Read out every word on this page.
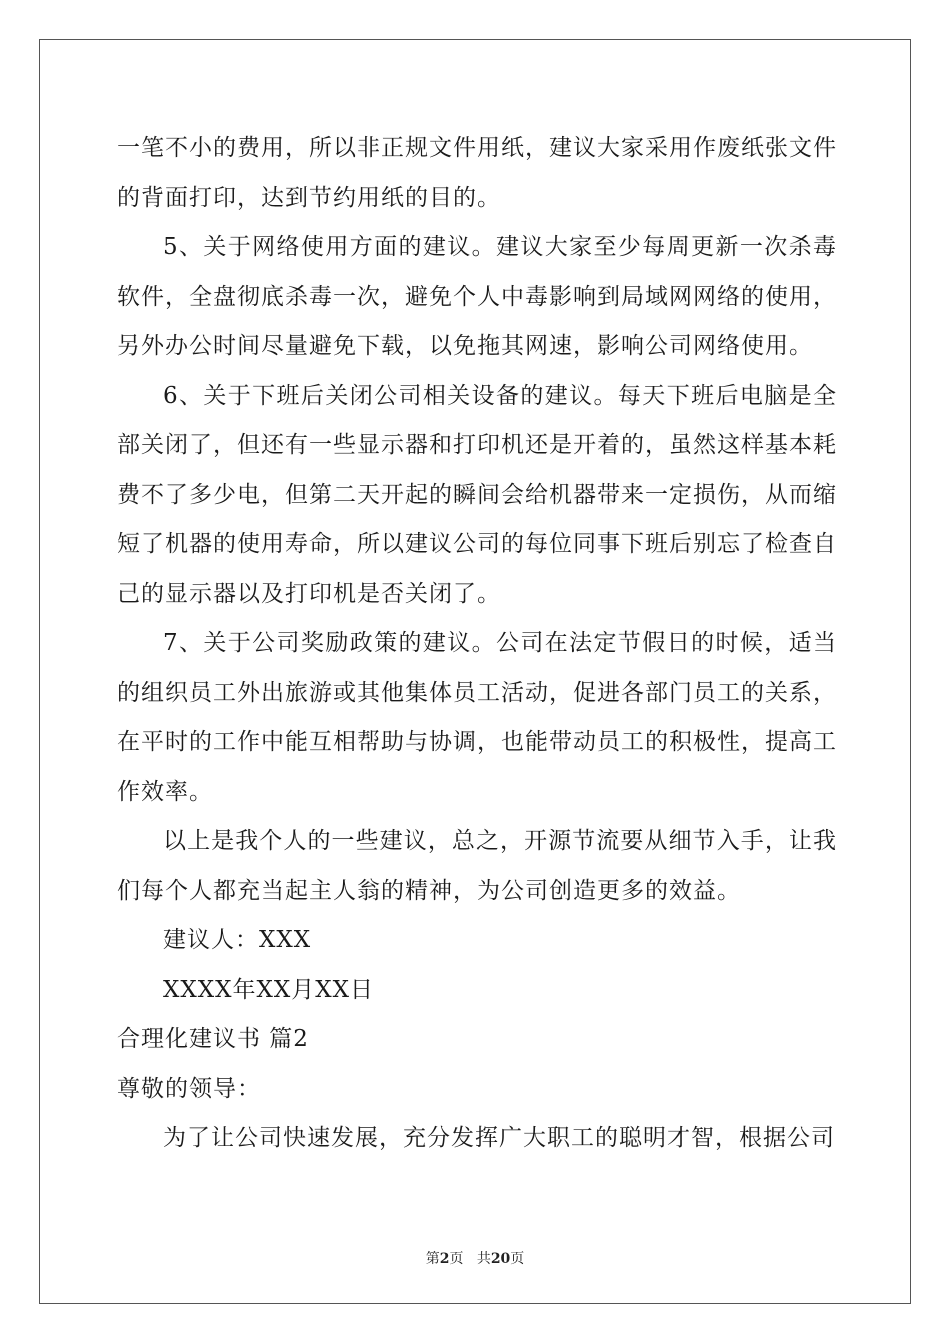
一笔不小的费用，所以非正规文件用纸，建议大家采用作废纸张文件的背面打印，达到节约用纸的目的。

5、关于网络使用方面的建议。建议大家至少每周更新一次杀毒软件，全盘彻底杀毒一次，避免个人中毒影响到局域网网络的使用，另外办公时间尽量避免下载，以免拖其网速，影响公司网络使用。

6、关于下班后关闭公司相关设备的建议。每天下班后电脑是全部关闭了，但还有一些显示器和打印机还是开着的，虽然这样基本耗费不了多少电，但第二天开起的瞬间会给机器带来一定损伤，从而缩短了机器的使用寿命，所以建议公司的每位同事下班后别忘了检查自己的显示器以及打印机是否关闭了。

7、关于公司奖励政策的建议。公司在法定节假日的时候，适当的组织员工外出旅游或其他集体员工活动，促进各部门员工的关系，在平时的工作中能互相帮助与协调，也能带动员工的积极性，提高工作效率。

以上是我个人的一些建议，总之，开源节流要从细节入手，让我们每个人都充当起主人翁的精神，为公司创造更多的效益。

建议人：XXX

XXXX年XX月XX日

合理化建议书 篇2

尊敬的领导：

为了让公司快速发展，充分发挥广大职工的聪明才智，根据公司

第2页 共20页
